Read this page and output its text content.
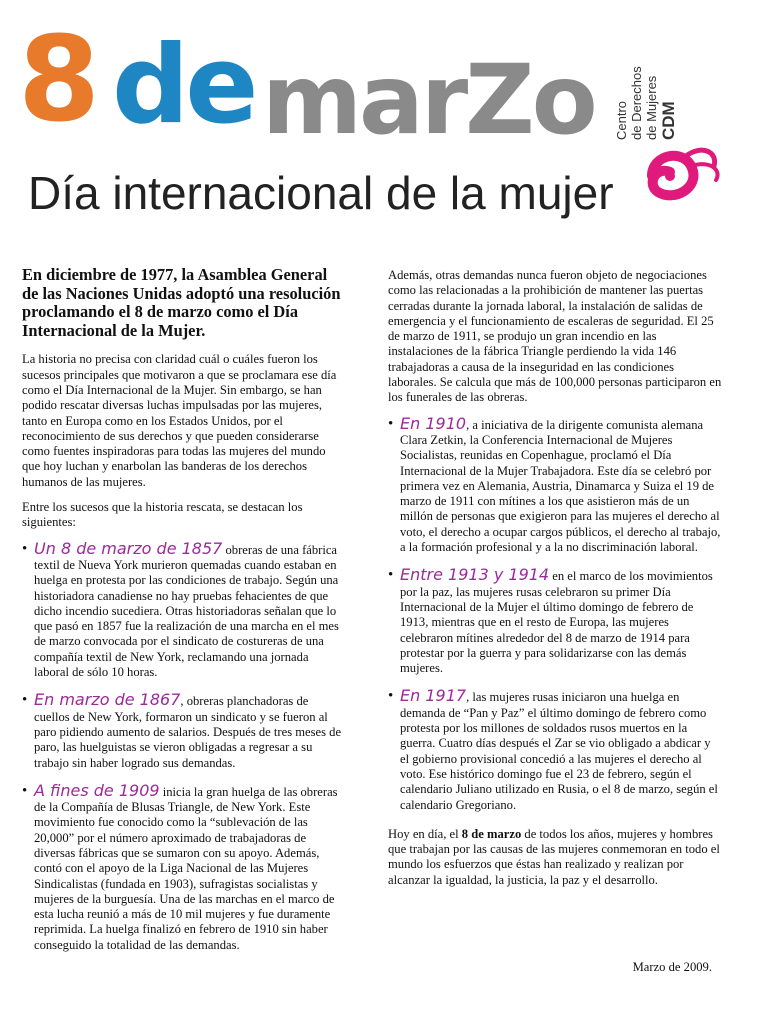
8 de marZo
Día internacional de la mujer
Centro de Derechos de Mujeres CDM
En diciembre de 1977, la Asamblea General de las Naciones Unidas adoptó una resolución proclamando el 8 de marzo como el Día Internacional de la Mujer.

La historia no precisa con claridad cuál o cuáles fueron los sucesos principales que motivaron a que se proclamara ese día como el Día Internacional de la Mujer. Sin embargo, se han podido rescatar diversas luchas impulsadas por las mujeres, tanto en Europa como en los Estados Unidos, por el reconocimiento de sus derechos y que pueden considerarse como fuentes inspiradoras para todas las mujeres del mundo que hoy luchan y enarbolan las banderas de los derechos humanos de las mujeres.

Entre los sucesos que la historia rescata, se destacan los siguientes:

• Un 8 de marzo de 1857 obreras de una fábrica textil de Nueva York murieron quemadas cuando estaban en huelga en protesta por las condiciones de trabajo. Según una historiadora canadiense no hay pruebas fehacientes de que dicho incendio sucediera. Otras historiadoras señalan que lo que pasó en 1857 fue la realización de una marcha en el mes de marzo convocada por el sindicato de costureras de una compañía textil de New York, reclamando una jornada laboral de sólo 10 horas.
• En marzo de 1867, obreras planchadoras de cuellos de New York, formaron un sindicato y se fueron al paro pidiendo aumento de salarios. Después de tres meses de paro, las huelguistas se vieron obligadas a regresar a su trabajo sin haber logrado sus demandas.
• A fines de 1909 inicia la gran huelga de las obreras de la Compañía de Blusas Triangle, de New York. Este movimiento fue conocido como la “sublevación de las 20,000” por el número aproximado de trabajadoras de diversas fábricas que se sumaron con su apoyo. Además, contó con el apoyo de la Liga Nacional de las Mujeres Sindicalistas (fundada en 1903), sufragistas socialistas y mujeres de la burguesía. Una de las marchas en el marco de esta lucha reunió a más de 10 mil mujeres y fue duramente reprimida. La huelga finalizó en febrero de 1910 sin haber conseguido la totalidad de las demandas.

Además, otras demandas nunca fueron objeto de negociaciones como las relacionadas a la prohibición de mantener las puertas cerradas durante la jornada laboral, la instalación de salidas de emergencia y el funcionamiento de escaleras de seguridad. El 25 de marzo de 1911, se produjo un gran incendio en las instalaciones de la fábrica Triangle perdiendo la vida 146 trabajadoras a causa de la inseguridad en las condiciones laborales. Se calcula que más de 100,000 personas participaron en los funerales de las obreras.

• En 1910, a iniciativa de la dirigente comunista alemana Clara Zetkin, la Conferencia Internacional de Mujeres Socialistas, reunidas en Copenhague, proclamó el Día Internacional de la Mujer Trabajadora. Este día se celebró por primera vez en Alemania, Austria, Dinamarca y Suiza el 19 de marzo de 1911 con mítines a los que asistieron más de un millón de personas que exigieron para las mujeres el derecho al voto, el derecho a ocupar cargos públicos, el derecho al trabajo, a la formación profesional y a la no discriminación laboral.
• Entre 1913 y 1914 en el marco de los movimientos por la paz, las mujeres rusas celebraron su primer Día Internacional de la Mujer el último domingo de febrero de 1913, mientras que en el resto de Europa, las mujeres celebraron mítines alrededor del 8 de marzo de 1914 para protestar por la guerra y para solidarizarse con las demás mujeres.
• En 1917, las mujeres rusas iniciaron una huelga en demanda de “Pan y Paz” el último domingo de febrero como protesta por los millones de soldados rusos muertos en la guerra. Cuatro días después el Zar se vio obligado a abdicar y el gobierno provisional concedió a las mujeres el derecho al voto. Ese histórico domingo fue el 23 de febrero, según el calendario Juliano utilizado en Rusia, o el 8 de marzo, según el calendario Gregoriano.

Hoy en día, el 8 de marzo de todos los años, mujeres y hombres que trabajan por las causas de las mujeres conmemoran en todo el mundo los esfuerzos que éstas han realizado y realizan por alcanzar la igualdad, la justicia, la paz y el desarrollo.

Marzo de 2009.
